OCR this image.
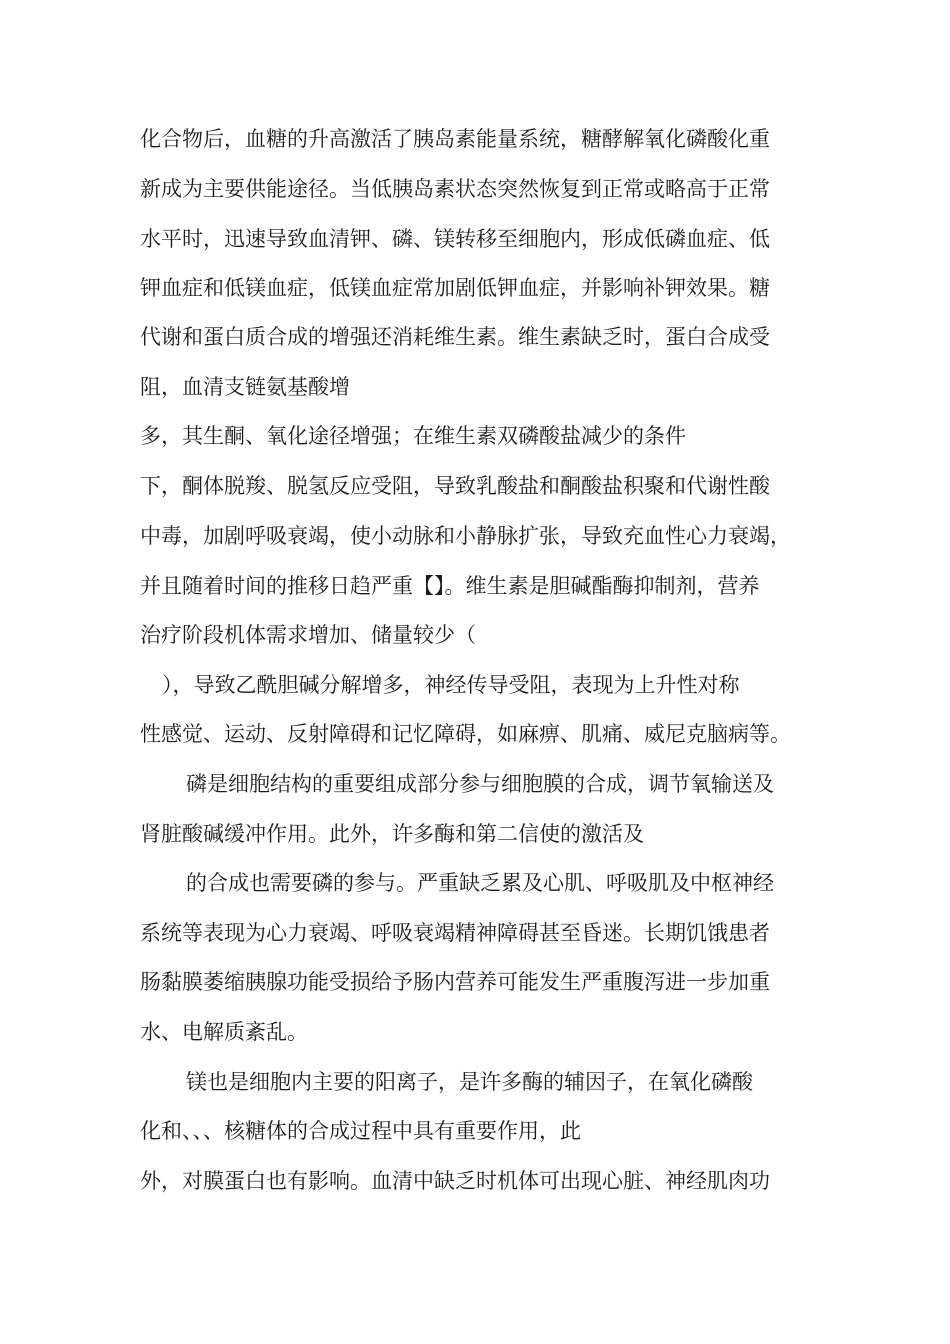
化合物后，血糖的升高激活了胰岛素能量系统，糖酵解氧化磷酸化重
新成为主要供能途径。当低胰岛素状态突然恢复到正常或略高于正常
水平时，迅速导致血清钾、磷、镁转移至细胞内，形成低磷血症、低
钾血症和低镁血症，低镁血症常加剧低钾血症，并影响补钾效果。糖
代谢和蛋白质合成的增强还消耗维生素。维生素缺乏时，蛋白合成受
阻，血清支链氨基酸增
多，其生酮、氧化途径增强；在维生素双磷酸盐减少的条件
下，酮体脱羧、脱氢反应受阻，导致乳酸盐和酮酸盐积聚和代谢性酸
中毒，加剧呼吸衰竭，使小动脉和小静脉扩张，导致充血性心力衰竭，
并且随着时间的推移日趋严重【】。维生素是胆碱酯酶抑制剂，营养
治疗阶段机体需求增加、储量较少（
），导致乙酰胆碱分解增多，神经传导受阻，表现为上升性对称
性感觉、运动、反射障碍和记忆障碍，如麻痹、肌痛、威尼克脑病等。
磷是细胞结构的重要组成部分参与细胞膜的合成，调节氧输送及
肾脏酸碱缓冲作用。此外，许多酶和第二信使的激活及
的合成也需要磷的参与。严重缺乏累及心肌、呼吸肌及中枢神经
系统等表现为心力衰竭、呼吸衰竭精神障碍甚至昏迷。长期饥饿患者
肠黏膜萎缩胰腺功能受损给予肠内营养可能发生严重腹泻进一步加重
水、电解质紊乱。
镁也是细胞内主要的阳离子，是许多酶的辅因子，在氧化磷酸
化和、、、核糖体的合成过程中具有重要作用，此
外，对膜蛋白也有影响。血清中缺乏时机体可出现心脏、神经肌肉功
